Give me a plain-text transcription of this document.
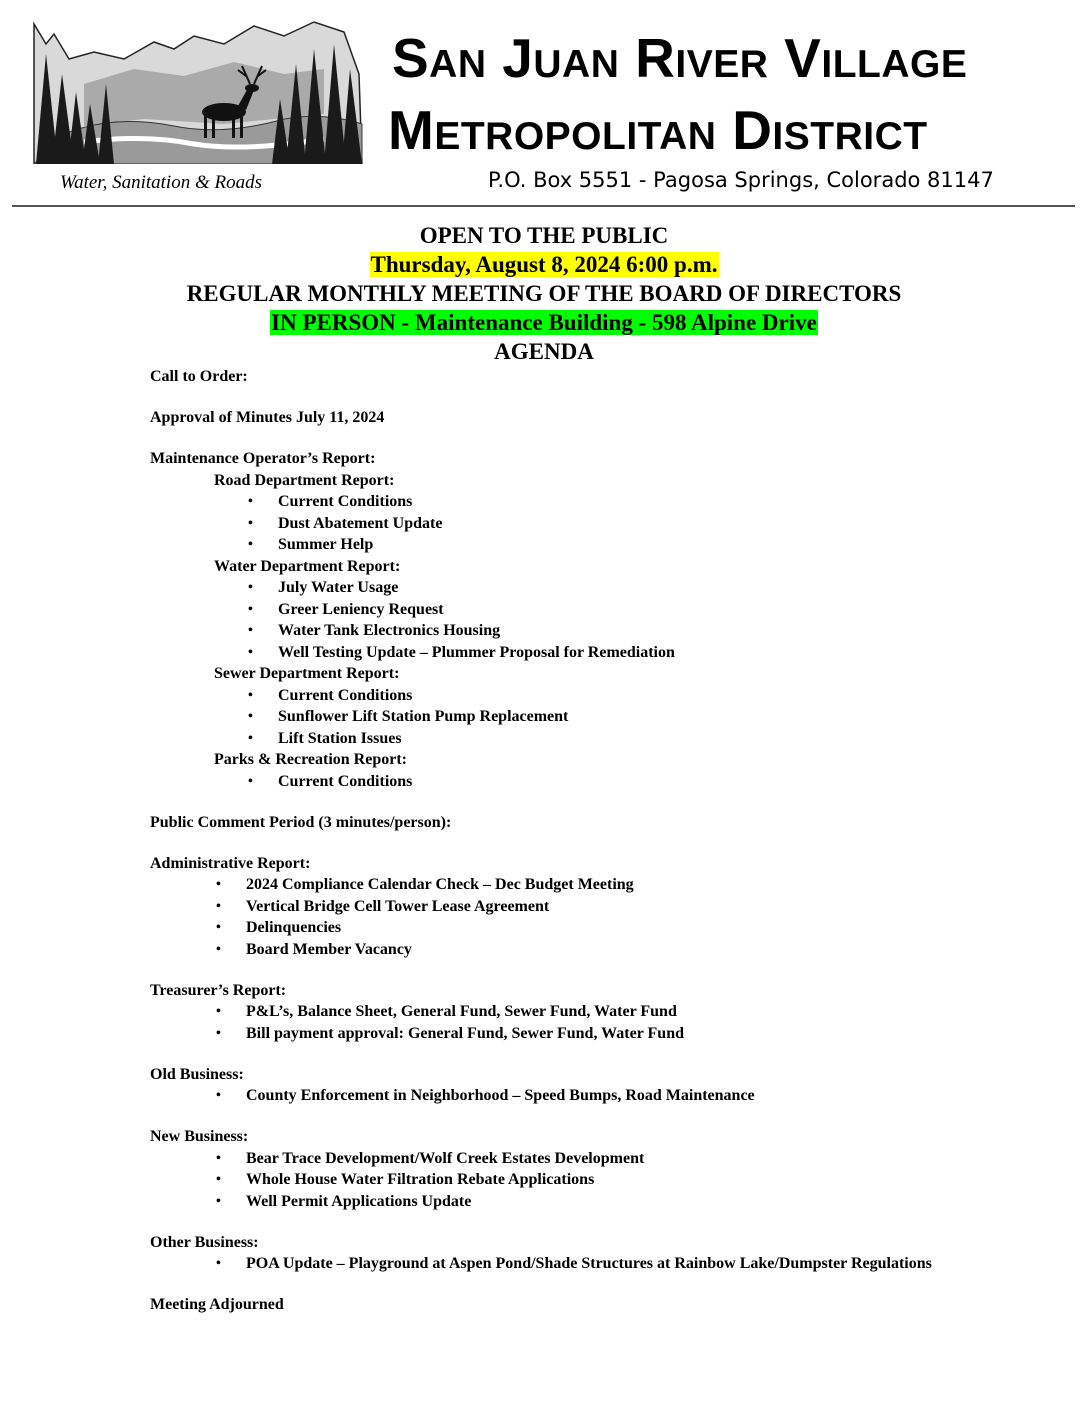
Water, Sanitation & Roads
San Juan River Village
Metropolitan District
P.O. Box 5551 - Pagosa Springs, Colorado 81147
OPEN TO THE PUBLIC
Thursday, August 8, 2024 6:00 p.m.
REGULAR MONTHLY MEETING OF THE BOARD OF DIRECTORS
IN PERSON - Maintenance Building - 598 Alpine Drive
AGENDA
Call to Order:
Approval of Minutes July 11, 2024
Maintenance Operator’s Report:
Road Department Report:
• Current Conditions
• Dust Abatement Update
• Summer Help
Water Department Report:
• July Water Usage
• Greer Leniency Request
• Water Tank Electronics Housing
• Well Testing Update – Plummer Proposal for Remediation
Sewer Department Report:
• Current Conditions
• Sunflower Lift Station Pump Replacement
• Lift Station Issues
Parks & Recreation Report:
• Current Conditions
Public Comment Period (3 minutes/person):
Administrative Report:
• 2024 Compliance Calendar Check – Dec Budget Meeting
• Vertical Bridge Cell Tower Lease Agreement
• Delinquencies
• Board Member Vacancy
Treasurer’s Report:
• P&L’s, Balance Sheet, General Fund, Sewer Fund, Water Fund
• Bill payment approval: General Fund, Sewer Fund, Water Fund
Old Business:
• County Enforcement in Neighborhood – Speed Bumps, Road Maintenance
New Business:
• Bear Trace Development/Wolf Creek Estates Development
• Whole House Water Filtration Rebate Applications
• Well Permit Applications Update
Other Business:
• POA Update – Playground at Aspen Pond/Shade Structures at Rainbow Lake/Dumpster Regulations
Meeting Adjourned
